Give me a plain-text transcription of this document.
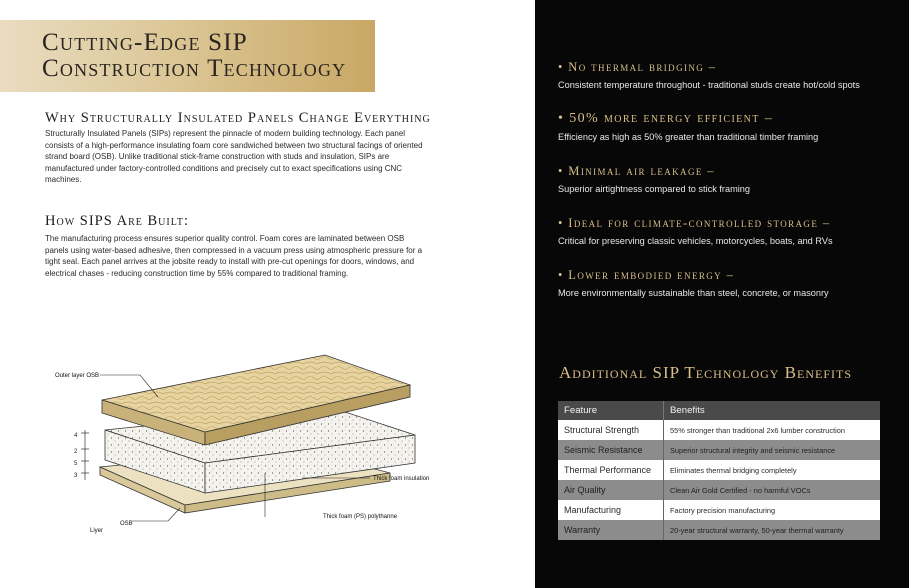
Cutting-Edge SIP
Construction Technology
Why Structurally Insulated Panels Change Everything
Structurally Insulated Panels (SIPs) represent the pinnacle of modern building technology. Each panel consists of a high-performance insulating foam core sandwiched between two structural facings of oriented strand board (OSB). Unlike traditional stick-frame construction with studs and insulation, SIPs are manufactured under factory-controlled conditions and precisely cut to exact specifications using CNC machines.
How SIPS Are Built:
The manufacturing process ensures superior quality control. Foam cores are laminated between OSB panels using water-based adhesive, then compressed in a vacuum press using atmospheric pressure for a tight seal. Each panel arrives at the jobsite ready to install with pre-cut openings for doors, windows, and electrical chases - reducing construction time by 55% compared to traditional framing.
4
2
5
3
Outer layer OSB
Thick foam insulation
Thick foam (PS) polythanne
OSB
Liyer
• No thermal bridging –
Consistent temperature throughout - traditional studs create hot/cold spots
• 50% more energy efficient –
Efficiency as high as 50% greater than traditional timber framing
• Minimal air leakage –
Superior airtightness compared to stick framing
• Ideal for climate-controlled storage –
Critical for preserving classic vehicles, motorcycles, boats, and RVs
• Lower embodied energy –
More environmentally sustainable than steel, concrete, or masonry
Additional SIP Technology Benefits
Feature	Benefits
Structural Strength	55% stronger than traditional 2x6 lumber construction
Seismic Resistance	Superior structural integrity and seismic resistance
Thermal Performance	Eliminates thermal bridging completely
Air Quality	Clean Air Gold Certified - no harmful VOCs
Manufacturing	Factory precision manufacturing
Warranty	20-year structural warranty, 50-year thermal warranty
